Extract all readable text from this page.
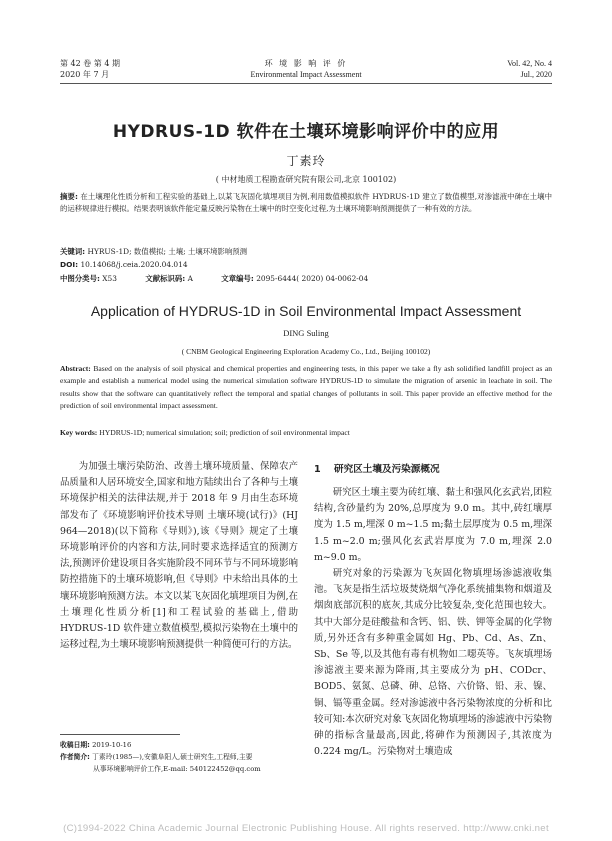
第 42 卷 第 4 期
2020 年 7 月
环 境 影 响 评 价
Environmental Impact Assessment
Vol. 42, No. 4
Jul., 2020
HYDRUS-1D 软件在土壤环境影响评价中的应用
丁素玲
( 中材地质工程勘查研究院有限公司,北京 100102)
摘要: 在土壤理化性质分析和工程实验的基础上,以某飞灰固化填埋项目为例,利用数值模拟软件 HYDRUS-1D 建立了数值模型,对渗滤液中砷在土壤中的运移规律进行模拟。结果表明该软件能定量反映污染物在土壤中的时空变化过程,为土壤环境影响预测提供了一种有效的方法。
关键词: HYRUS-1D; 数值模拟; 土壤; 土壤环境影响预测
DOI: 10.14068/j.ceia.2020.04.014
中图分类号: X53	文献标识码: A	文章编号: 2095-6444( 2020) 04-0062-04
Application of HYDRUS-1D in Soil Environmental Impact Assessment
DING Suling
( CNBM Geological Engineering Exploration Academy Co., Ltd., Beijing 100102)
Abstract: Based on the analysis of soil physical and chemical properties and engineering tests, in this paper we take a fly ash solidified landfill project as an example and establish a numerical model using the numerical simulation software HYDRUS-1D to simulate the migration of arsenic in leachate in soil. The results show that the software can quantitatively reflect the temporal and spatial changes of pollutants in soil. This paper provide an effective method for the prediction of soil environmental impact assessment.
Key words: HYDRUS-1D; numerical simulation; soil; prediction of soil environmental impact

为加强土壤污染防治、改善土壤环境质量、保障农产品质量和人居环境安全,国家和地方陆续出台了各种与土壤环境保护相关的法律法规,并于 2018 年 9 月由生态环境部发布了《环境影响评价技术导则 土壤环境(试行)》(HJ 964—2018)(以下简称《导则》),该《导则》规定了土壤环境影响评价的内容和方法,同时要求选择适宜的预测方法,预测评价建设项目各实施阶段不同环节与不同环境影响防控措施下的土壤环境影响,但《导则》中未给出具体的土壤环境影响预测方法。本文以某飞灰固化填埋项目为例,在土壤理化性质分析[1]和工程试验的基础上,借助 HYDRUS-1D 软件建立数值模型,模拟污染物在土壤中的运移过程,为土壤环境影响预测提供一种简便可行的方法。

1 研究区土壤及污染源概况

研究区土壤主要为砖红壤、黏土和强风化玄武岩,团粒结构,含砂量约为 20%,总厚度为 9.0 m。其中,砖红壤厚度为 1.5 m,埋深 0 m~1.5 m;黏土层厚度为 0.5 m,埋深 1.5 m~2.0 m;强风化玄武岩厚度为 7.0 m,埋深 2.0 m~9.0 m。

研究对象的污染源为飞灰固化物填埋场渗滤液收集池。飞灰是指生活垃圾焚烧烟气净化系统捕集物和烟道及烟囱底部沉积的底灰,其成分比较复杂,变化范围也较大。其中大部分是硅酸盐和含钙、铝、铁、钾等金属的化学物质,另外还含有多种重金属如 Hg、Pb、Cd、As、Zn、Sb、Se 等,以及其他有毒有机物如二噁英等。飞灰填埋场渗滤液主要来源为降雨,其主要成分为 pH、CODcr、BOD5、氨氮、总磷、砷、总铬、六价铬、铅、汞、镍、铜、镉等重金属。经对渗滤液中各污染物浓度的分析和比较可知:本次研究对象飞灰固化物填埋场的渗滤液中污染物砷的指标含量最高,因此,将砷作为预测因子,其浓度为 0.224 mg/L。污染物对土壤造成

收稿日期: 2019-10-16
作者简介: 丁素玲(1985—),安徽阜阳人,硕士研究生,工程师,主要
从事环境影响评价工作,E-mail: 540122452@qq.com
(C)1994-2022 China Academic Journal Electronic Publishing House. All rights reserved. http://www.cnki.net
